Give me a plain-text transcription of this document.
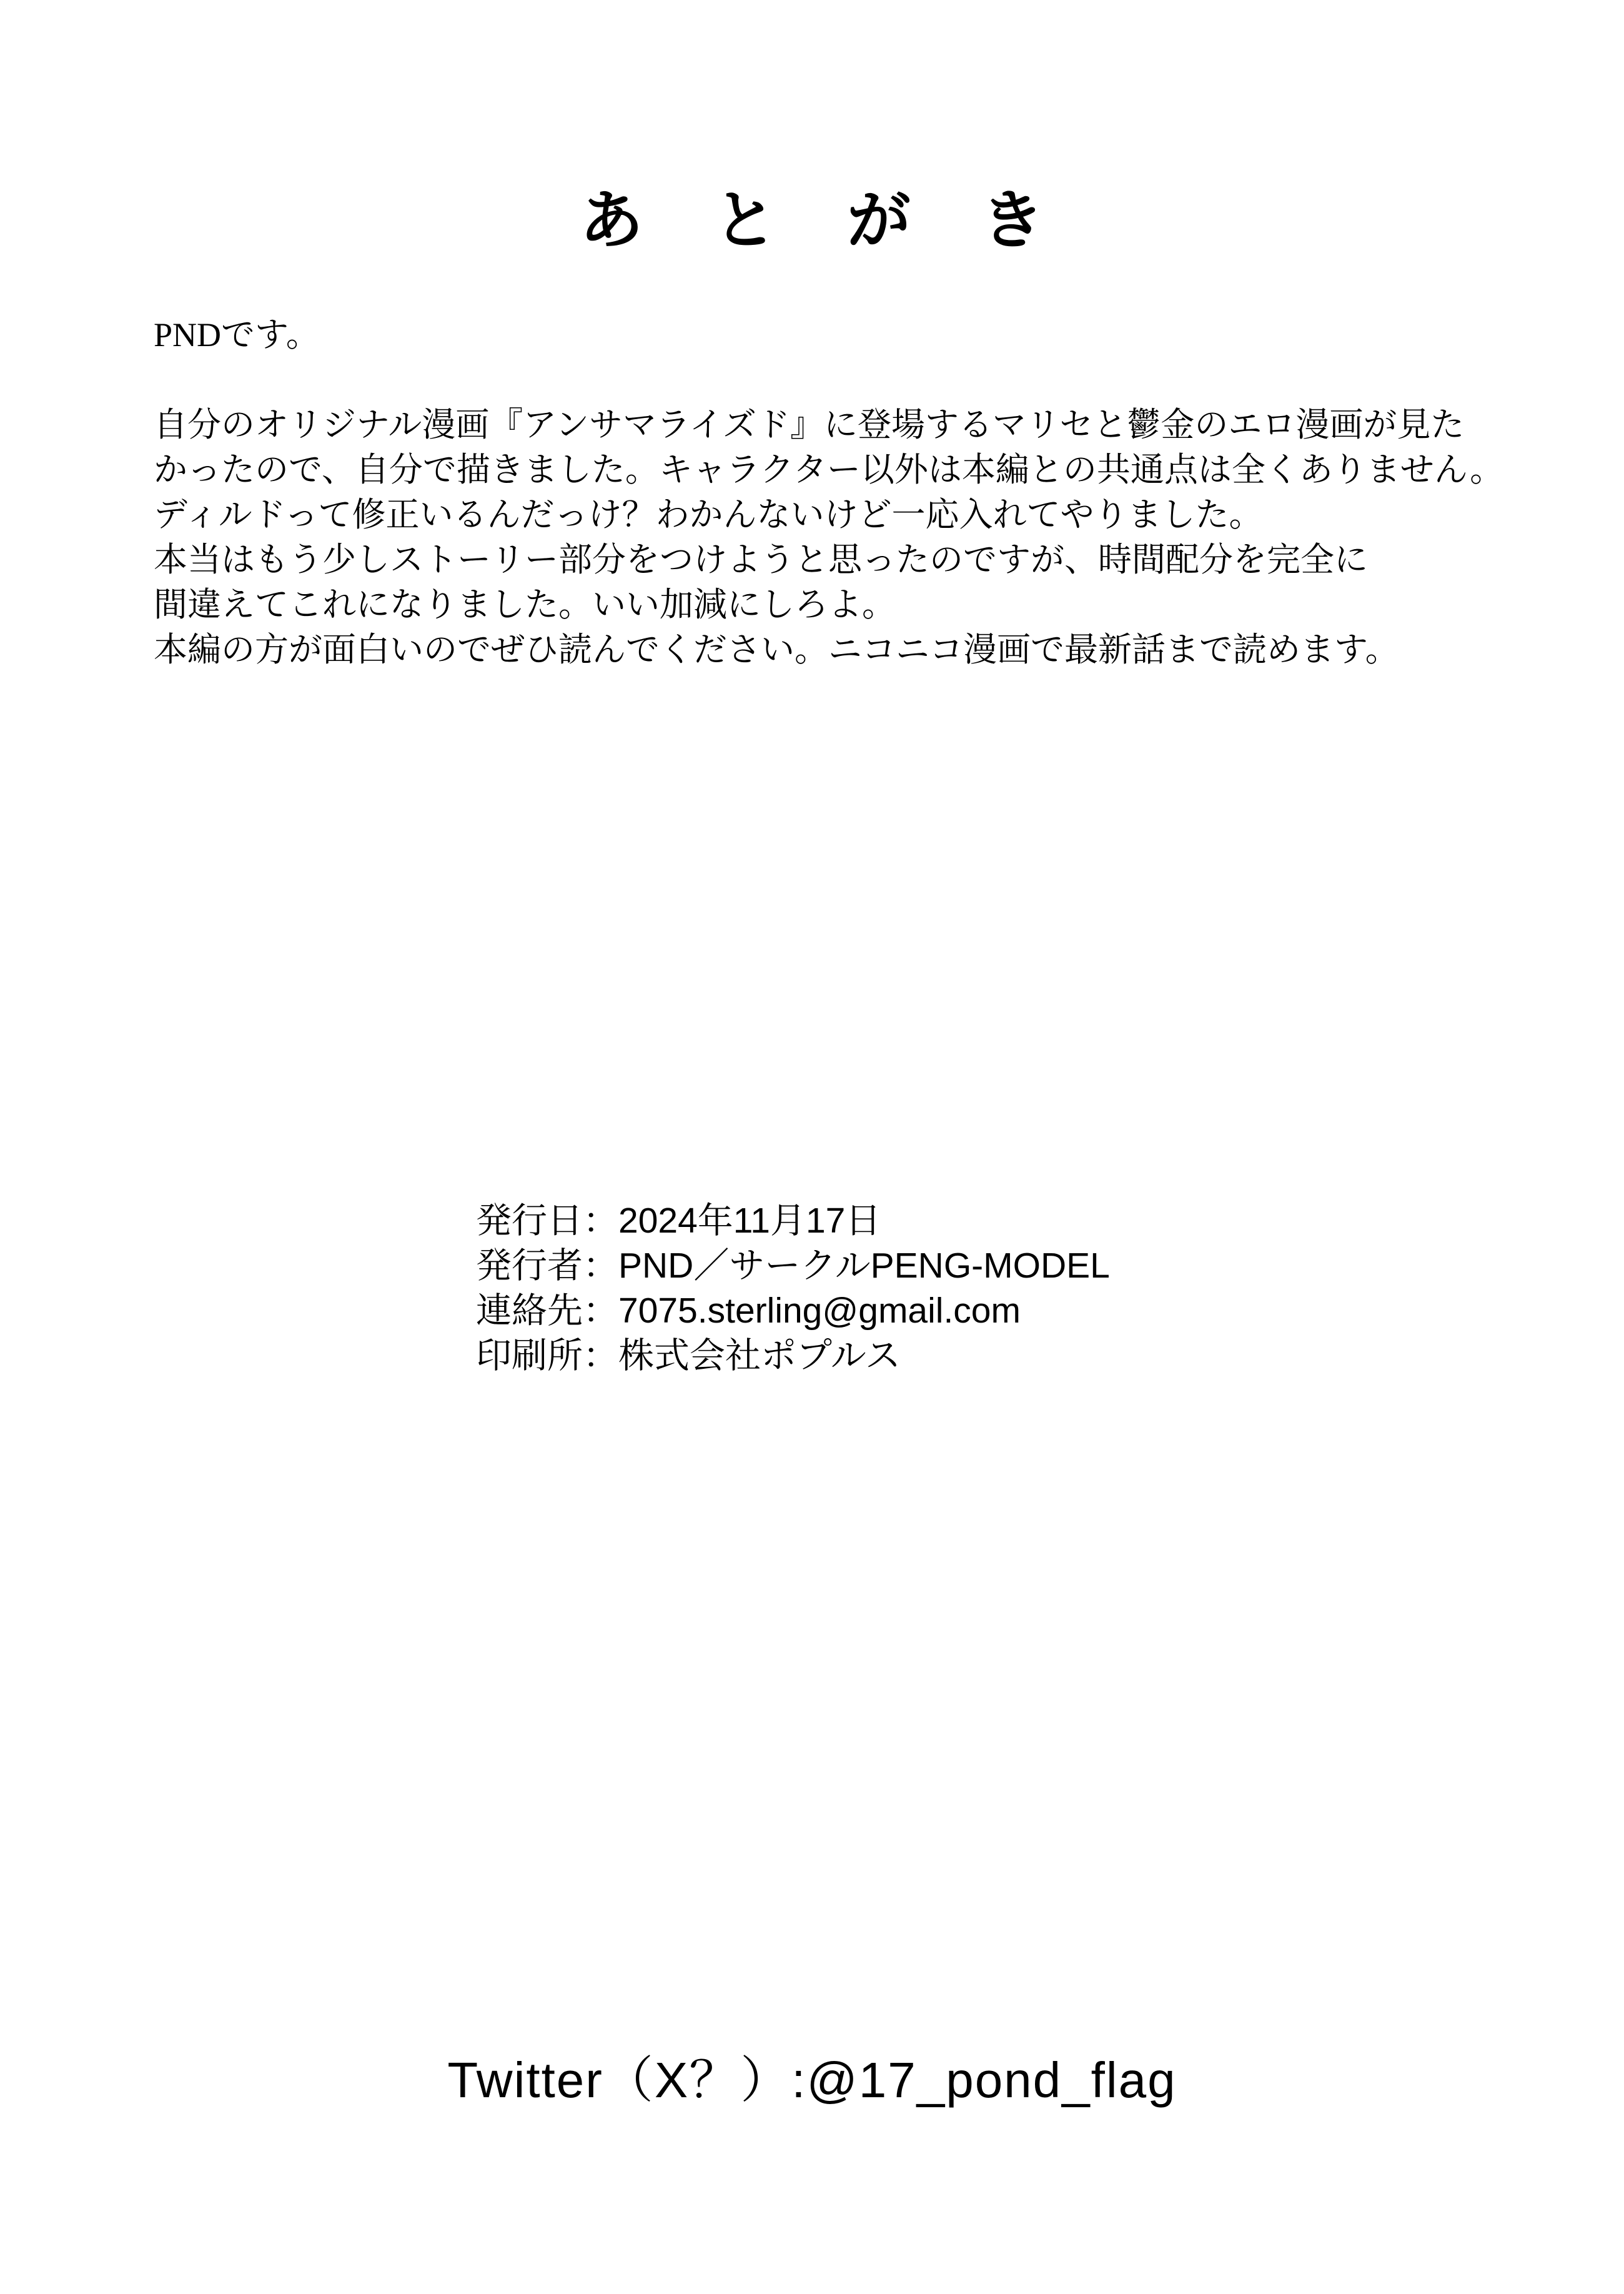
あとがき

PNDです。

自分のオリジナル漫画『アンサマライズド』に登場するマリセと鬱金のエロ漫画が見た

かったので、自分で描きました。キャラクター以外は本編との共通点は全くありません。

ディルドって修正いるんだっけ？わかんないけど一応入れてやりました。

本当はもう少しストーリー部分をつけようと思ったのですが、時間配分を完全に

間違えてこれになりました。いい加減にしろよ。

本編の方が面白いのでぜひ読んでください。ニコニコ漫画で最新話まで読めます。

発行日：2024年11月17日

発行者：PND／サークルPENG-MODEL

連絡先：7075.sterling@gmail.com

印刷所：株式会社ポプルス

Twitter（X？）:@17_pond_flag
